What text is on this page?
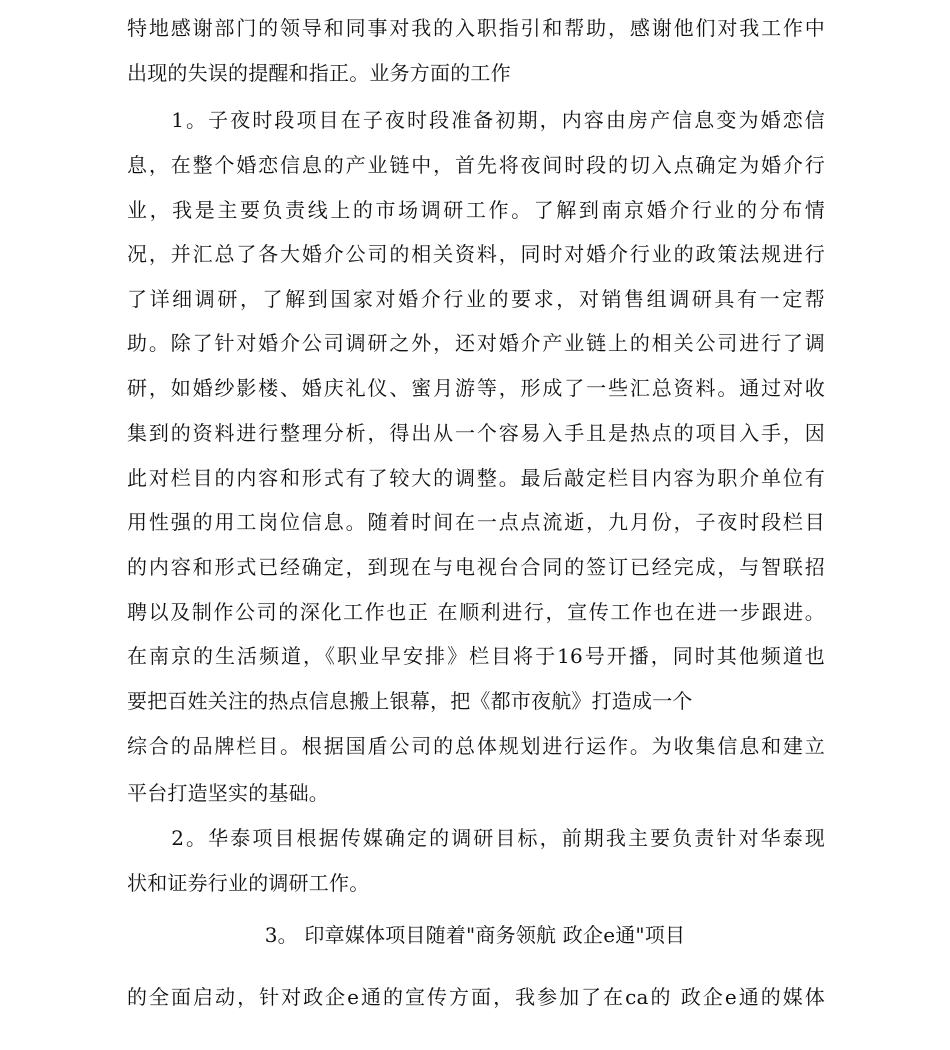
特地感谢部门的领导和同事对我的入职指引和帮助，感谢他们对我工作中
出现的失误的提醒和指正。业务方面的工作
　　1。子夜时段项目在子夜时段准备初期，内容由房产信息变为婚恋信
息，在整个婚恋信息的产业链中，首先将夜间时段的切入点确定为婚介行
业，我是主要负责线上的市场调研工作。了解到南京婚介行业的分布情
况，并汇总了各大婚介公司的相关资料，同时对婚介行业的政策法规进行
了详细调研，了解到国家对婚介行业的要求，对销售组调研具有一定帮
助。除了针对婚介公司调研之外，还对婚介产业链上的相关公司进行了调
研，如婚纱影楼、婚庆礼仪、蜜月游等，形成了一些汇总资料。通过对收
集到的资料进行整理分析，得出从一个容易入手且是热点的项目入手，因
此对栏目的内容和形式有了较大的调整。最后敲定栏目内容为职介单位有
用性强的用工岗位信息。随着时间在一点点流逝，九月份，子夜时段栏目
的内容和形式已经确定，到现在与电视台合同的签订已经完成，与智联招
聘以及制作公司的深化工作也正 在顺利进行，宣传工作也在进一步跟进。
在南京的生活频道，《职业早安排》栏目将于16号开播，同时其他频道也
要把百姓关注的热点信息搬上银幕，把《都市夜航》打造成一个
综合的品牌栏目。根据国盾公司的总体规划进行运作。为收集信息和建立
平台打造坚实的基础。
　　2。华泰项目根据传媒确定的调研目标，前期我主要负责针对华泰现
状和证券行业的调研工作。
3。 印章媒体项目随着"商务领航 政企e通"项目
的全面启动，针对政企e通的宣传方面，我参加了在ca的 政企e通的媒体
